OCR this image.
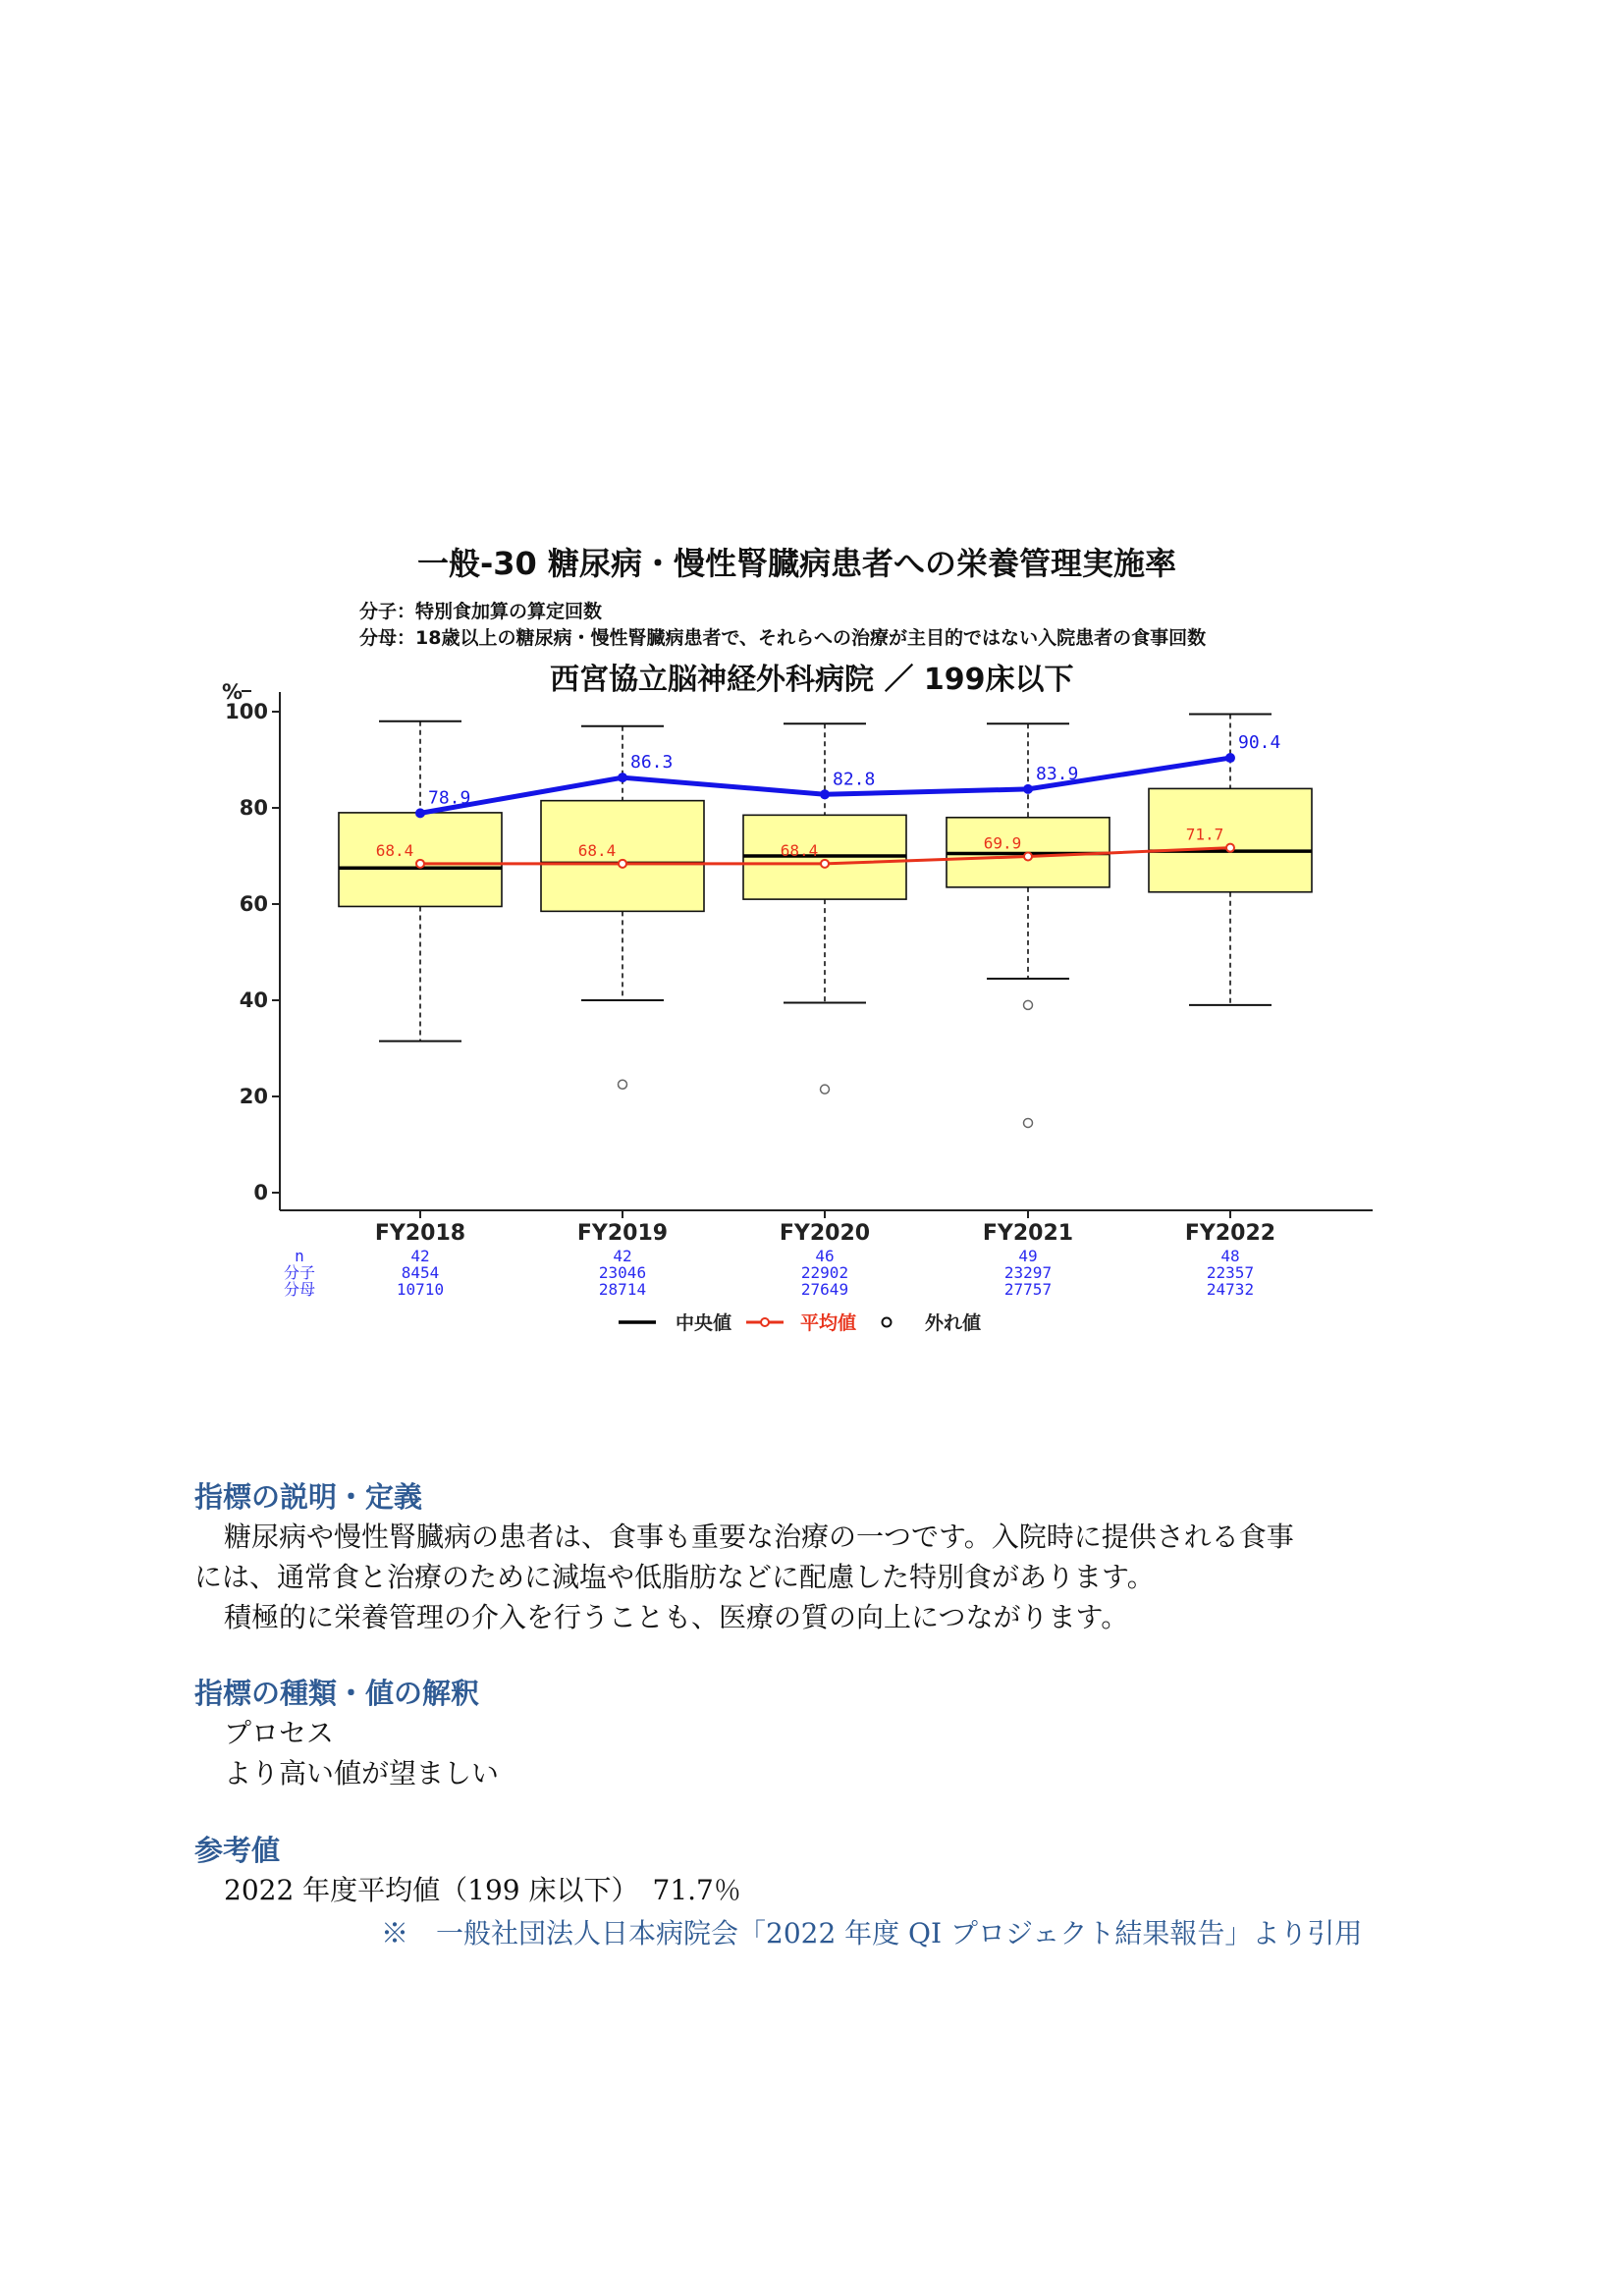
一般-30 糖尿病・慢性腎臓病患者への栄養管理実施率
分子：特別食加算の算定回数
分母：18歳以上の糖尿病・慢性腎臓病患者で、それらへの治療が主目的ではない入院患者の食事回数
西宮協立脳神経外科病院 ／ 199床以下
%
0
20
40
60
80
100
FY2018	FY2019	FY2020	FY2021	FY2022
68.4	68.4	68.4	69.9	71.7
78.9
86.3
82.8	83.9
90.4
n
分子
分母
42	42	46	49	48
8454	23046	22902	23297	22357
10710	28714	27649	27757	24732
中央値	平均値	外れ値
指標の説明・定義

糖尿病や慢性腎臓病の患者は、食事も重要な治療の一つです。入院時に提供される食事

には、通常食と治療のために減塩や低脂肪などに配慮した特別食があります。

積極的に栄養管理の介入を行うことも、医療の質の向上につながります。

指標の種類・値の解釈

プロセス

より高い値が望ましい

参考値

2022 年度平均値（199 床以下）　71.7％

※　一般社団法人日本病院会「2022 年度 QI プロジェクト結果報告」より引用
